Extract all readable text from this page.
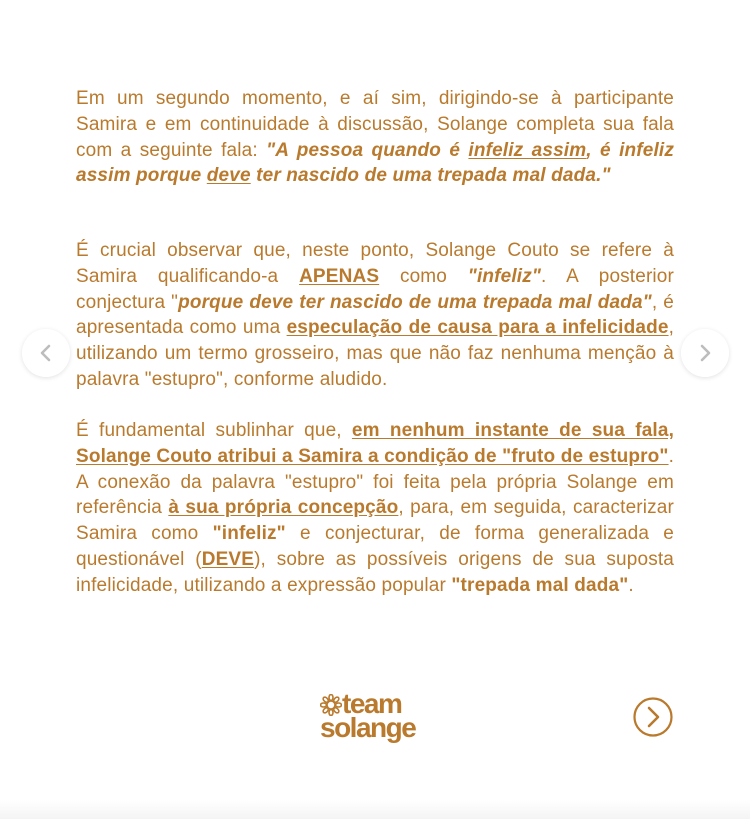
Em um segundo momento, e aí sim, dirigindo-se à participante Samira e em continuidade à discussão, Solange completa sua fala com a seguinte fala: "A pessoa quando é infeliz assim, é infeliz assim porque deve ter nascido de uma trepada mal dada."

É crucial observar que, neste ponto, Solange Couto se refere à Samira qualificando-a APENAS como "infeliz". A posterior conjectura "porque deve ter nascido de uma trepada mal dada", é apresentada como uma especulação de causa para a infelicidade, utilizando um termo grosseiro, mas que não faz nenhuma menção à palavra "estupro", conforme aludido.

É fundamental sublinhar que, em nenhum instante de sua fala, Solange Couto atribui a Samira a condição de "fruto de estupro". A conexão da palavra "estupro" foi feita pela própria Solange em referência à sua própria concepção, para, em seguida, caracterizar Samira como "infeliz" e conjecturar, de forma generalizada e questionável (DEVE), sobre as possíveis origens de sua suposta infelicidade, utilizando a expressão popular "trepada mal dada".

team
solange
